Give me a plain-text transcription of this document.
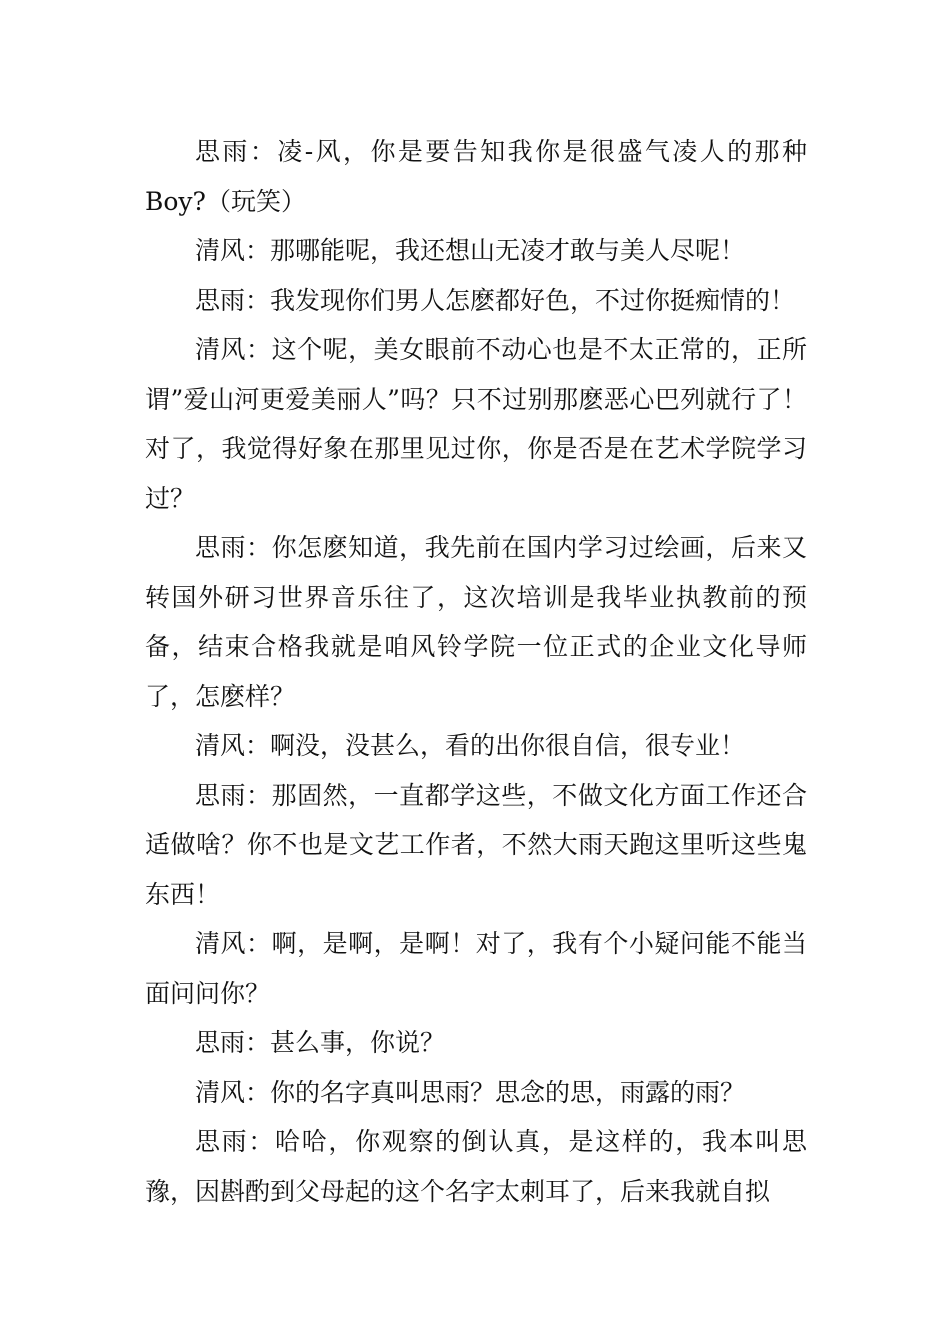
思雨：凌-风，你是要告知我你是很盛气凌人的那种Boy?（玩笑）

清风：那哪能呢，我还想山无凌才敢与美人尽呢！

思雨：我发现你们男人怎麽都好色，不过你挺痴情的！

清风：这个呢，美女眼前不动心也是不太正常的，正所谓”爱山河更爱美丽人”吗？只不过别那麽恶心巴列就行了！对了，我觉得好象在那里见过你，你是否是在艺术学院学习过？

思雨：你怎麽知道，我先前在国内学习过绘画，后来又转国外研习世界音乐往了，这次培训是我毕业执教前的预备，结束合格我就是咱风铃学院一位正式的企业文化导师了，怎麽样？

清风：啊没，没甚么，看的出你很自信，很专业！

思雨：那固然，一直都学这些，不做文化方面工作还合适做啥？你不也是文艺工作者，不然大雨天跑这里听这些鬼东西！

清风：啊，是啊，是啊！对了，我有个小疑问能不能当面问问你？

思雨：甚么事，你说？

清风：你的名字真叫思雨？思念的思，雨露的雨？

思雨：哈哈，你观察的倒认真，是这样的，我本叫思豫，因斟酌到父母起的这个名字太刺耳了，后来我就自拟
